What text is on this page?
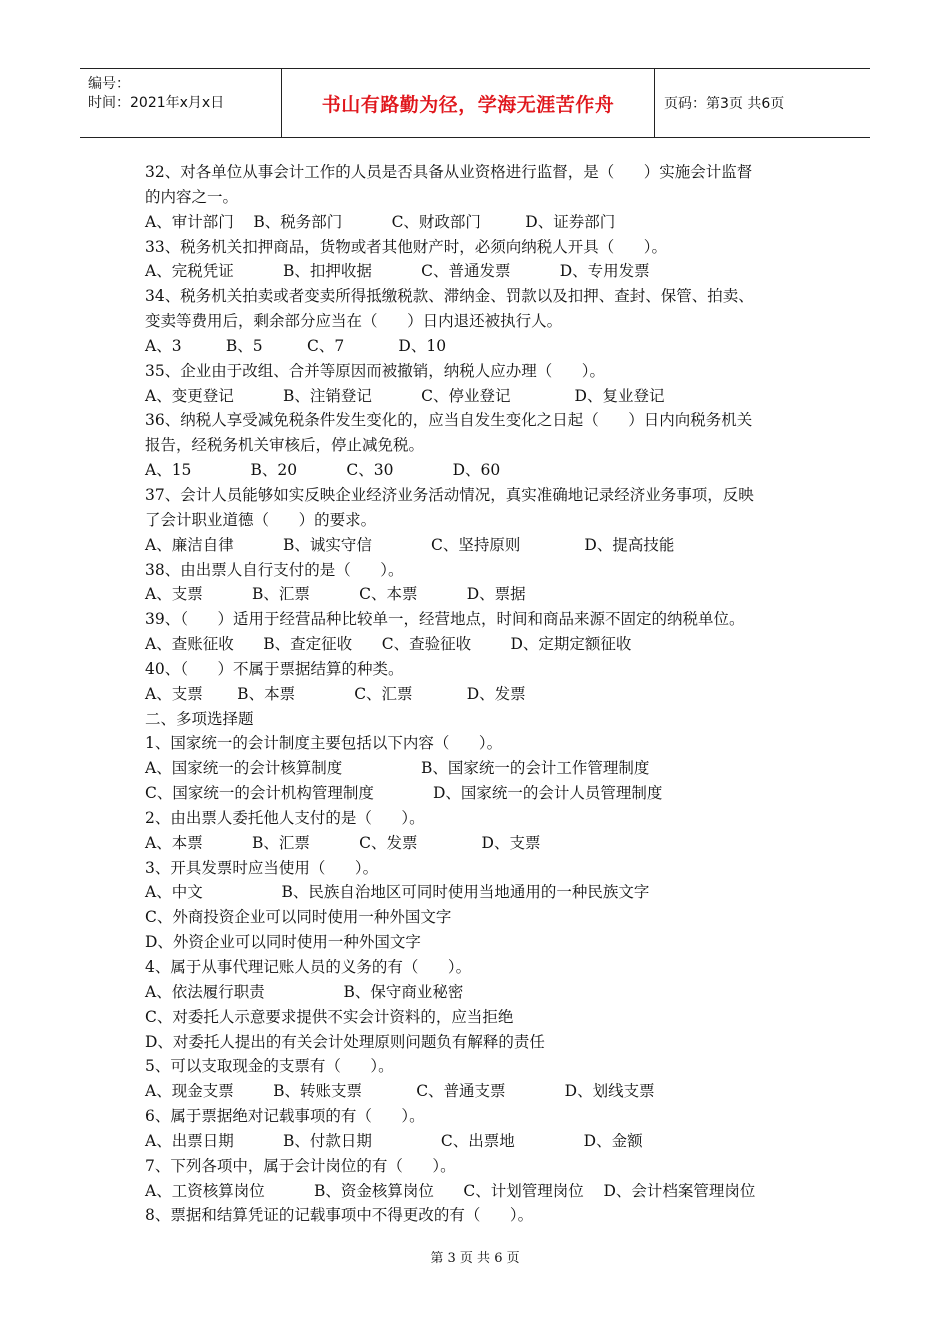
编号：
时间：2021年x月x日	书山有路勤为径，学海无涯苦作舟	页码：第3页 共6页
32、对各单位从事会计工作的人员是否具备从业资格进行监督，是（      ）实施会计监督
的内容之一。
A、审计部门    B、税务部门          C、财政部门         D、证券部门
33、税务机关扣押商品，货物或者其他财产时，必须向纳税人开具（      ）。
A、完税凭证          B、扣押收据          C、普通发票          D、专用发票
34、税务机关拍卖或者变卖所得抵缴税款、滞纳金、罚款以及扣押、查封、保管、拍卖、
变卖等费用后，剩余部分应当在（      ）日内退还被执行人。
A、3         B、5         C、7           D、10
35、企业由于改组、合并等原因而被撤销，纳税人应办理（      ）。
A、变更登记          B、注销登记          C、停业登记             D、复业登记
36、纳税人享受减免税条件发生变化的，应当自发生变化之日起（      ）日内向税务机关
报告，经税务机关审核后，停止减免税。
A、15            B、20          C、30            D、60
37、会计人员能够如实反映企业经济业务活动情况，真实准确地记录经济业务事项，反映
了会计职业道德（      ）的要求。
A、廉洁自律          B、诚实守信            C、坚持原则             D、提高技能
38、由出票人自行支付的是（      ）。
A、支票          B、汇票          C、本票          D、票据
39、（      ）适用于经营品种比较单一，经营地点，时间和商品来源不固定的纳税单位。
A、查账征收      B、查定征收      C、查验征收        D、定期定额征收
40、（      ）不属于票据结算的种类。
A、支票       B、本票            C、汇票           D、发票
二、多项选择题
1、国家统一的会计制度主要包括以下内容（      ）。
A、国家统一的会计核算制度                B、国家统一的会计工作管理制度
C、国家统一的会计机构管理制度            D、国家统一的会计人员管理制度
2、由出票人委托他人支付的是（      ）。
A、本票          B、汇票          C、发票             D、支票
3、开具发票时应当使用（      ）。
A、中文                B、民族自治地区可同时使用当地通用的一种民族文字
C、外商投资企业可以同时使用一种外国文字
D、外资企业可以同时使用一种外国文字
4、属于从事代理记账人员的义务的有（      ）。
A、依法履行职责                B、保守商业秘密
C、对委托人示意要求提供不实会计资料的，应当拒绝
D、对委托人提出的有关会计处理原则问题负有解释的责任
5、可以支取现金的支票有（      ）。
A、现金支票        B、转账支票           C、普通支票            D、划线支票
6、属于票据绝对记载事项的有（      ）。
A、出票日期          B、付款日期              C、出票地              D、金额
7、下列各项中，属于会计岗位的有（      ）。
A、工资核算岗位          B、资金核算岗位      C、计划管理岗位    D、会计档案管理岗位
8、票据和结算凭证的记载事项中不得更改的有（      ）。
第 3 页 共 6 页
